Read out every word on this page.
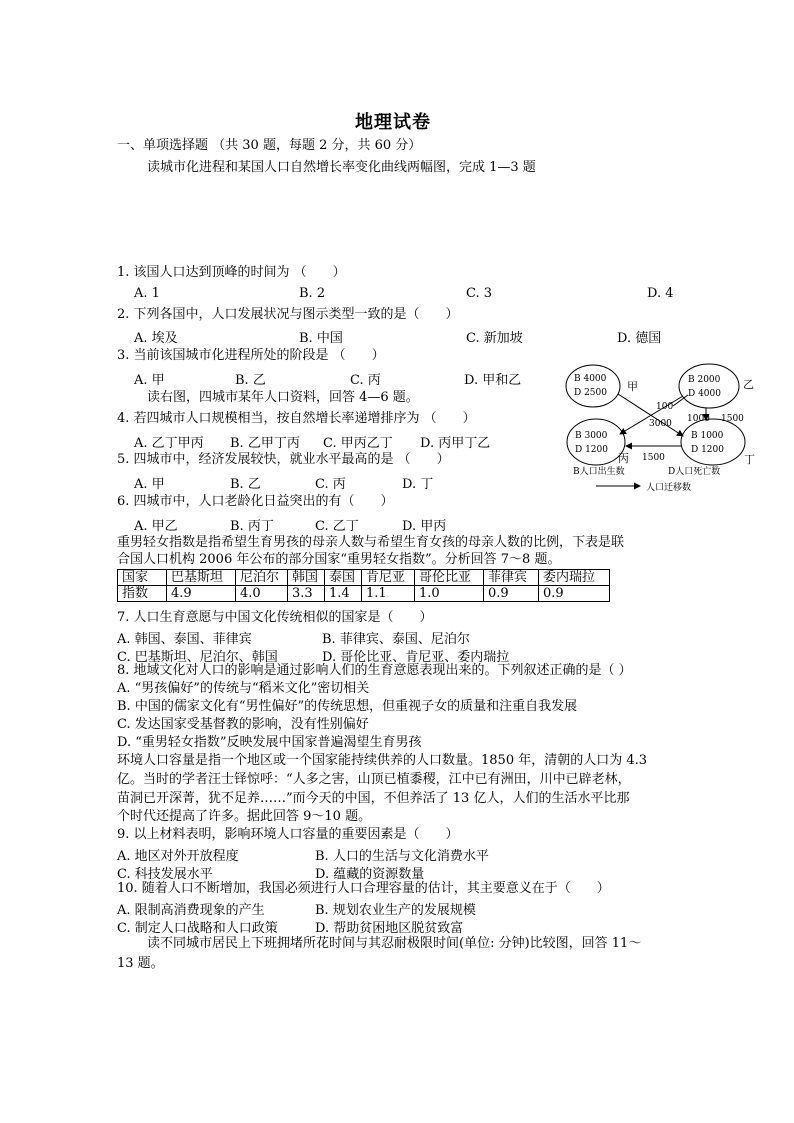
地理试卷
一、单项选择题 （共 30 题，每题 2 分，共 60 分）
读城市化进程和某国人口自然增长率变化曲线两幅图，完成 1—3 题
1. 该国人口达到顶峰的时间为 （　　）
A. 1	B. 2	C. 3	D. 4
2. 下列各国中，人口发展状况与图示类型一致的是（　　）
A. 埃及	B. 中国	C. 新加坡	D. 德国
3. 当前该国城市化进程所处的阶段是 （　　）
A. 甲	B. 乙	C. 丙	D. 甲和乙
读右图，四城市某年人口资料，回答 4—6 题。
4. 若四城市人口规模相当，按自然增长率递增排序为 （　　）
A. 乙丁甲丙 B. 乙甲丁丙 C. 甲丙乙丁 D. 丙甲丁乙
5. 四城市中，经济发展较快，就业水平最高的是 （　　）
A. 甲	B. 乙	C. 丙	D. 丁
6. 四城市中，人口老龄化日益突出的有（　　）
A. 甲乙	B. 丙丁	C. 乙丁	D. 甲丙
B 4000
D 2500 甲	B 2000
D 4000
乙
B 3000
D 1200
丙
B 1000
D 1200
丁
100
1000 1500
3000
1500
B人口出生数	D人口死亡数
人口迁移数
重男轻女指数是指希望生育男孩的母亲人数与希望生育女孩的母亲人数的比例，下表是联
合国人口机构 2006 年公布的部分国家“重男轻女指数”。分析回答 7～8 题。
国家	巴基斯坦	尼泊尔	韩国	泰国	肯尼亚	哥伦比亚	菲律宾	委内瑞拉
指数	4.9	4.0	3.3	1.4	1.1	1.0	0.9	0.9
7. 人口生育意愿与中国文化传统相似的国家是（　　）
A. 韩国、泰国、菲律宾	B. 菲律宾、泰国、尼泊尔
C. 巴基斯坦、尼泊尔、韩国	D. 哥伦比亚、肯尼亚、委内瑞拉
8. 地域文化对人口的影响是通过影响人们的生育意愿表现出来的。下列叙述正确的是（ ）
A. “男孩偏好”的传统与“稻米文化”密切相关
B. 中国的儒家文化有“男性偏好”的传统思想，但重视子女的质量和注重自我发展
C. 发达国家受基督教的影响，没有性别偏好
D. “重男轻女指数”反映发展中国家普遍渴望生育男孩
环境人口容量是指一个地区或一个国家能持续供养的人口数量。1850 年，清朝的人口为 4.3
亿。当时的学者汪士铎惊呼：“人多之害，山顶已植黍稷，江中已有洲田，川中已辟老林，
苗洞已开深菁，犹不足养……”而今天的中国，不但养活了 13 亿人，人们的生活水平比那
个时代还提高了许多。据此回答 9～10 题。
9. 以上材料表明，影响环境人口容量的重要因素是（　　）
A. 地区对外开放程度	B. 人口的生活与文化消费水平
C. 科技发展水平	D. 蕴藏的资源数量
10. 随着人口不断增加，我国必须进行人口合理容量的估计，其主要意义在于（　　）
A. 限制高消费现象的产生	B. 规划农业生产的发展规模
C. 制定人口战略和人口政策	D. 帮助贫困地区脱贫致富
读不同城市居民上下班拥堵所花时间与其忍耐极限时间(单位: 分钟)比较图，回答 11～
13 题。
